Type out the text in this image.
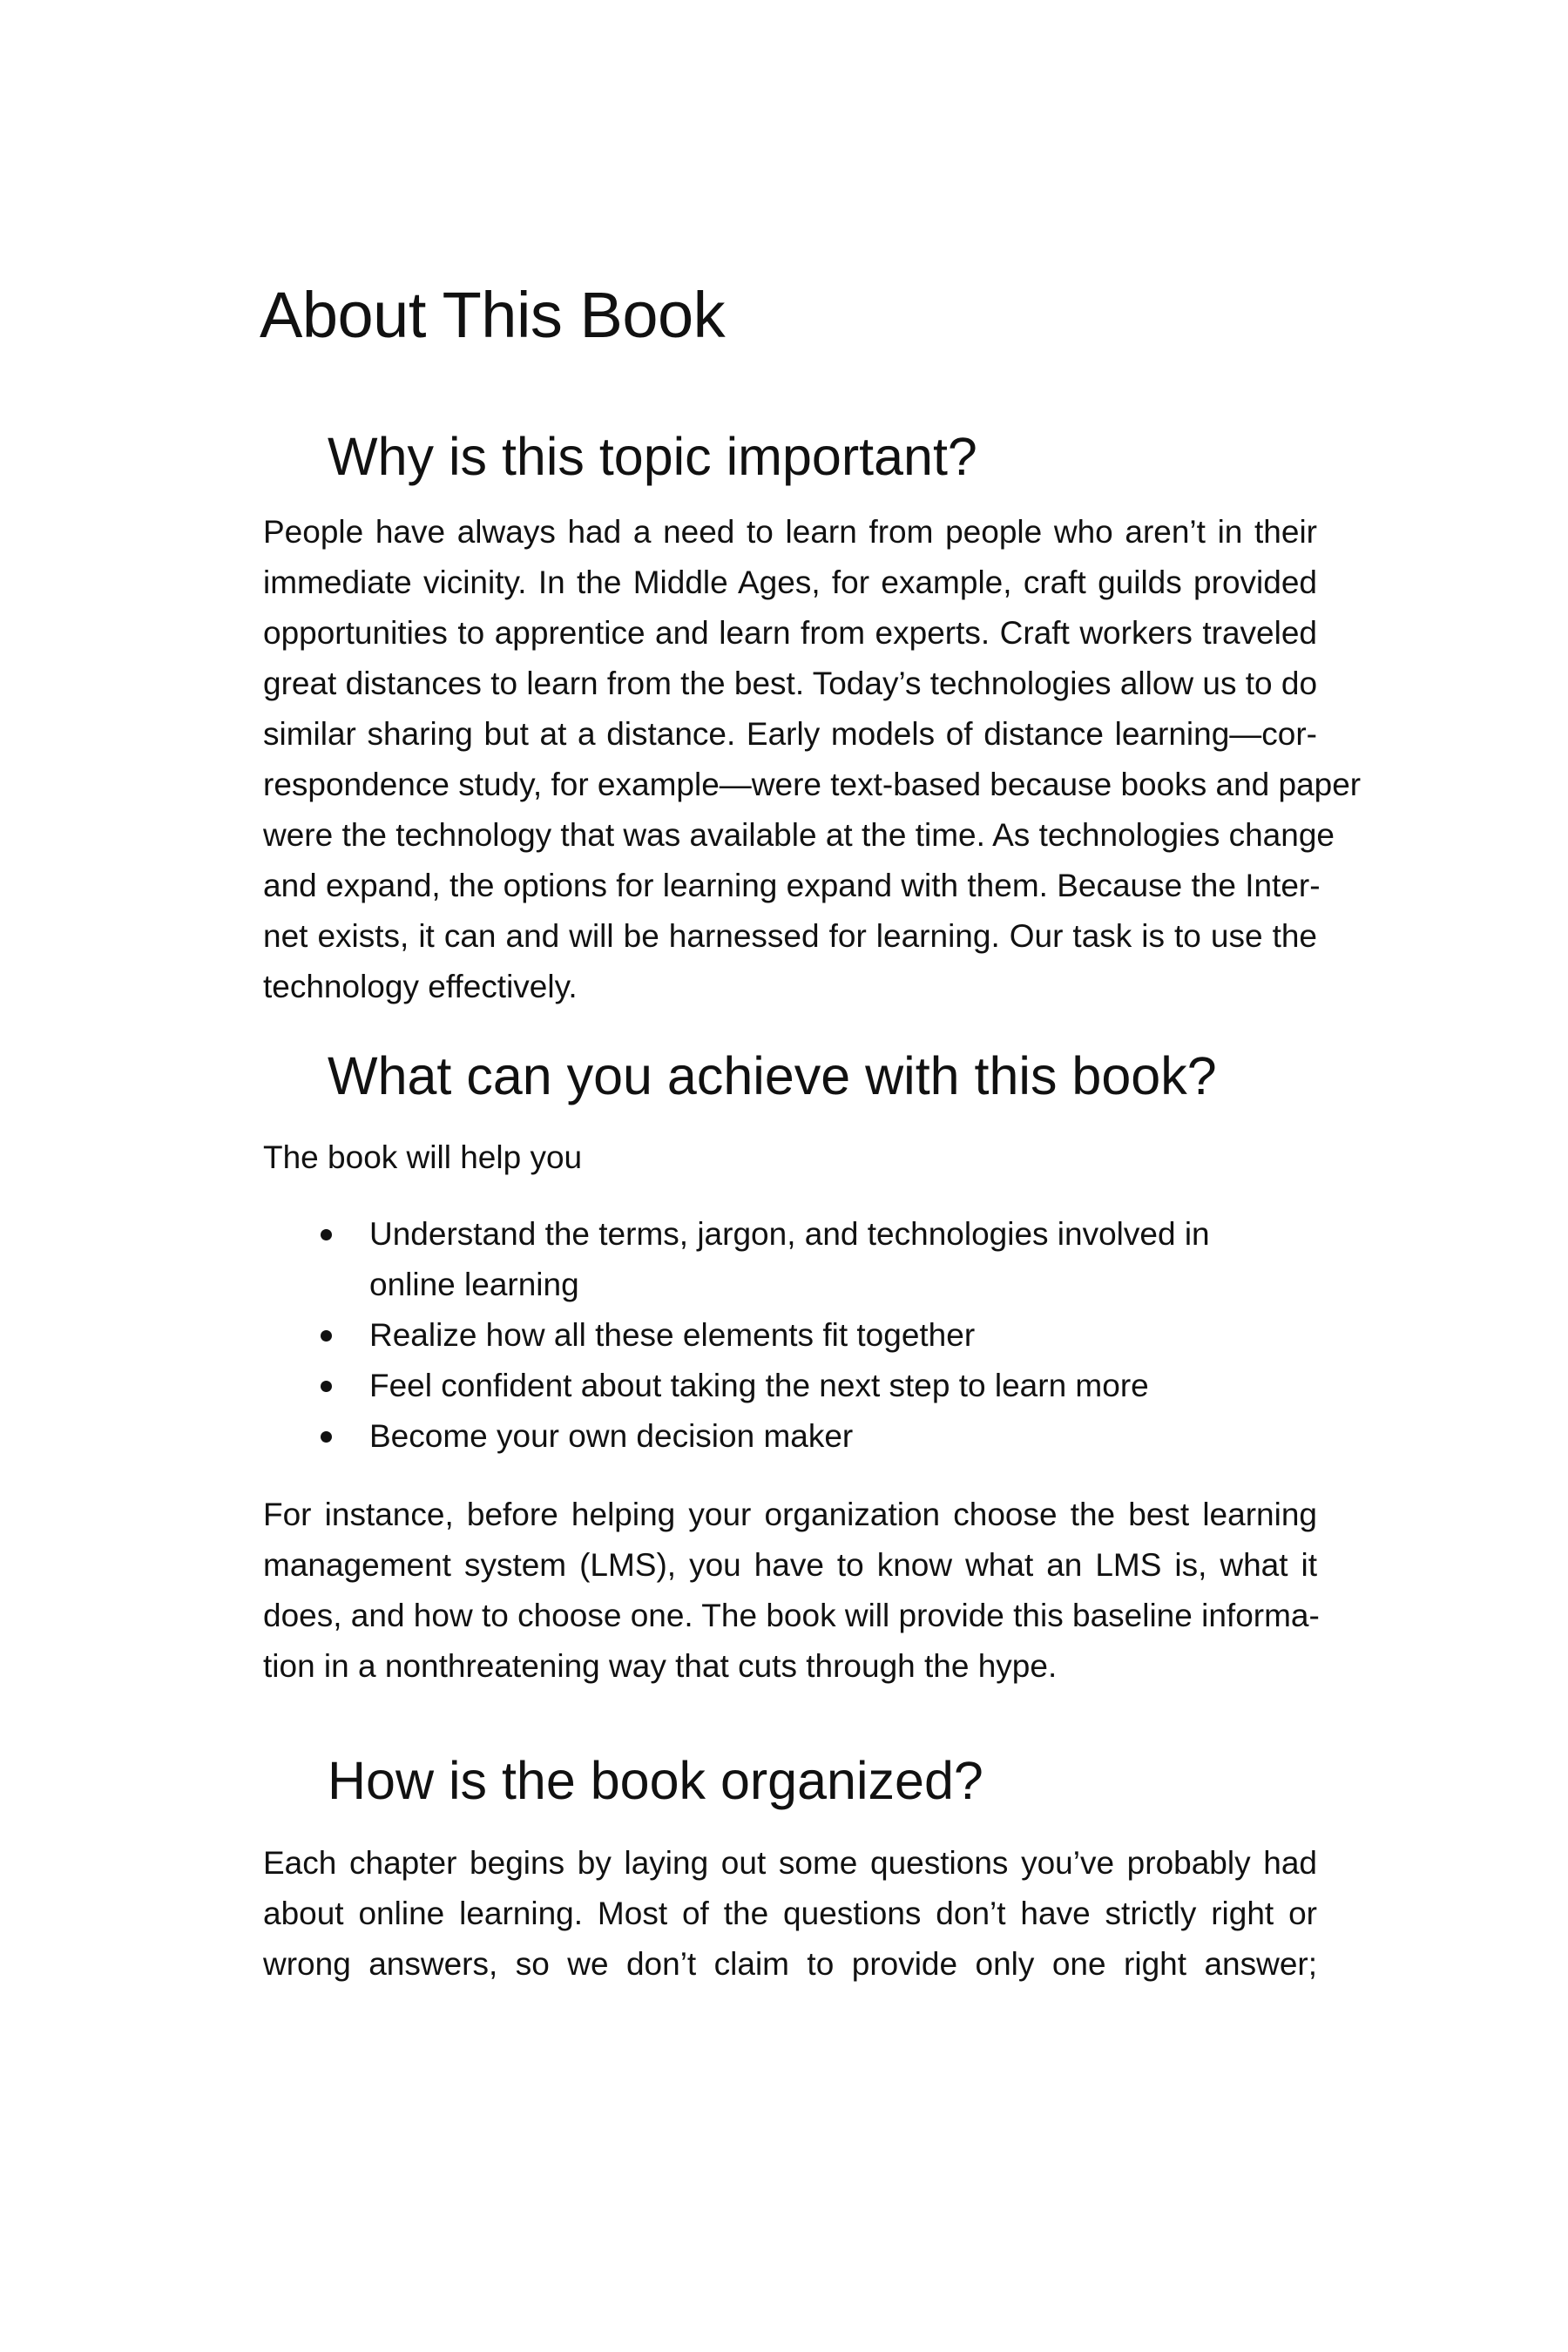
About This Book
Why is this topic important?
People have always had a need to learn from people who aren’t in their
immediate vicinity. In the Middle Ages, for example, craft guilds provided
opportunities to apprentice and learn from experts. Craft workers traveled
great distances to learn from the best. Today’s technologies allow us to do
similar sharing but at a distance. Early models of distance learning—cor-
respondence study, for example—were text-based because books and paper
were the technology that was available at the time. As technologies change
and expand, the options for learning expand with them. Because the Inter-
net exists, it can and will be harnessed for learning. Our task is to use the
technology effectively.
What can you achieve with this book?
The book will help you
Understand the terms, jargon, and technologies involved in online learning
Realize how all these elements fit together
Feel confident about taking the next step to learn more
Become your own decision maker
For instance, before helping your organization choose the best learning
management system (LMS), you have to know what an LMS is, what it
does, and how to choose one. The book will provide this baseline informa-
tion in a nonthreatening way that cuts through the hype.
How is the book organized?
Each chapter begins by laying out some questions you’ve probably had
about online learning. Most of the questions don’t have strictly right or
wrong answers, so we don’t claim to provide only one right answer;
